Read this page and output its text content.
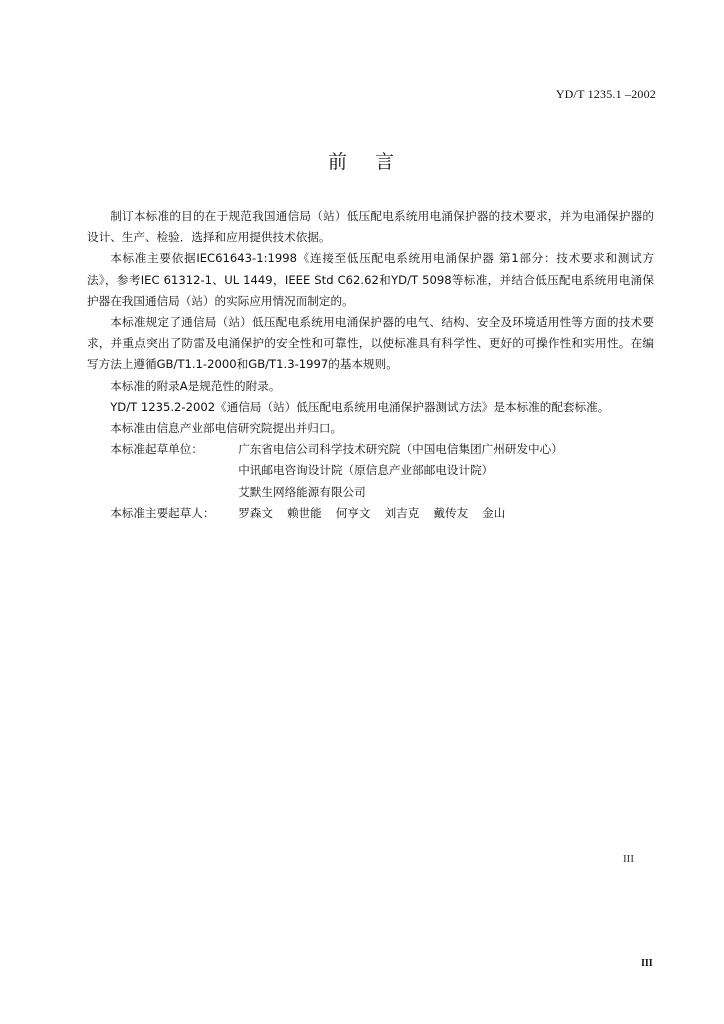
YD/T 1235.1 –2002
前言

制订本标准的目的在于规范我国通信局（站）低压配电系统用电涌保护器的技术要求，并为电涌保护器的设计、生产、检验．选择和应用提供技术依据。

本标准主要依据IEC61643-1:1998《连接至低压配电系统用电涌保护器 第1部分：技术要求和测试方法》，参考IEC 61312-1、UL 1449，IEEE Std C62.62和YD/T 5098等标准，并结合低压配电系统用电涌保护器在我国通信局（站）的实际应用情况而制定的。

本标准规定了通信局（站）低压配电系统用电涌保护器的电气、结构、安全及环境适用性等方面的技术要求，并重点突出了防雷及电涌保护的安全性和可靠性，以使标准具有科学性、更好的可操作性和实用性。在编写方法上遵循GB/T1.1-2000和GB/T1.3-1997的基本规则。

本标准的附录A是规范性的附录。

YD/T 1235.2-2002《通信局（站）低压配电系统用电涌保护器测试方法》是本标准的配套标准。

本标准由信息产业部电信研究院提出并归口。

本标准起草单位：	广东省电信公司科学技术研究院（中国电信集团广州研发中心）
中讯邮电咨询设计院（原信息产业部邮电设计院）
艾默生网络能源有限公司
本标准主要起草人：	罗森文 赖世能 何亨文 刘吉克 戴传友 金山
III
III
